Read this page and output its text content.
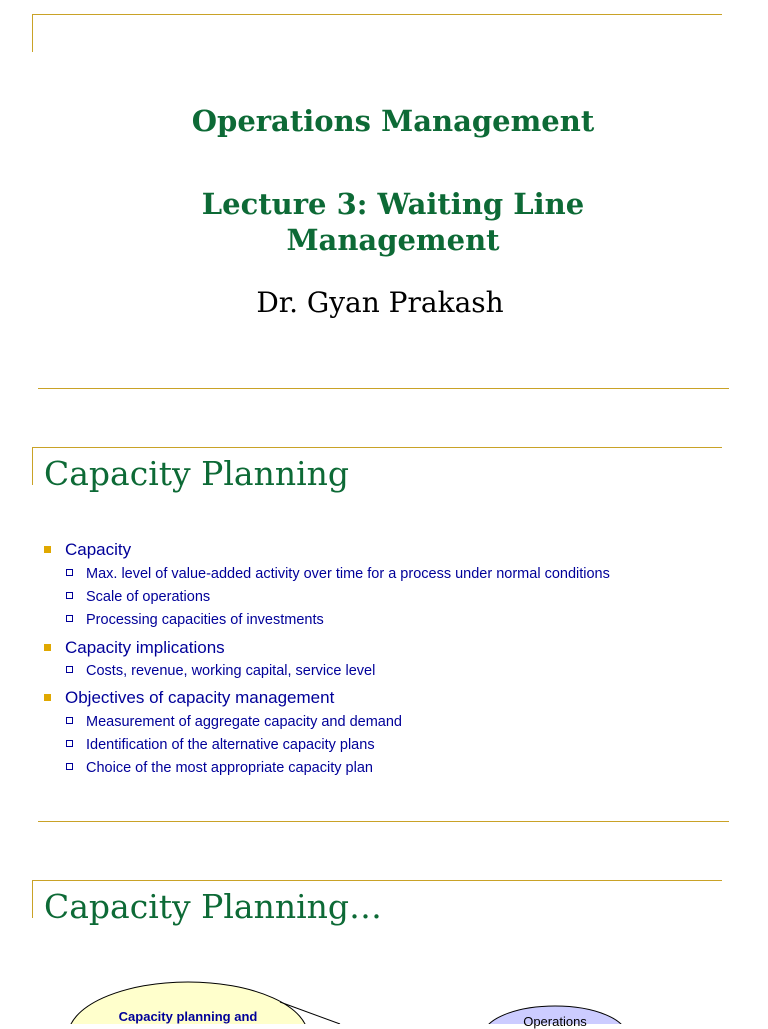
Operations Management
Lecture 3: Waiting Line
Management
Dr. Gyan Prakash
Capacity Planning
Capacity
Max. level of value-added activity over time for a process under normal conditions
Scale of operations
Processing capacities of investments
Capacity implications
Costs, revenue, working capital, service level
Objectives of capacity management
Measurement of aggregate capacity and demand
Identification of the alternative capacity plans
Choice of the most appropriate capacity plan
Capacity Planning…
Capacity planning and	Operations
